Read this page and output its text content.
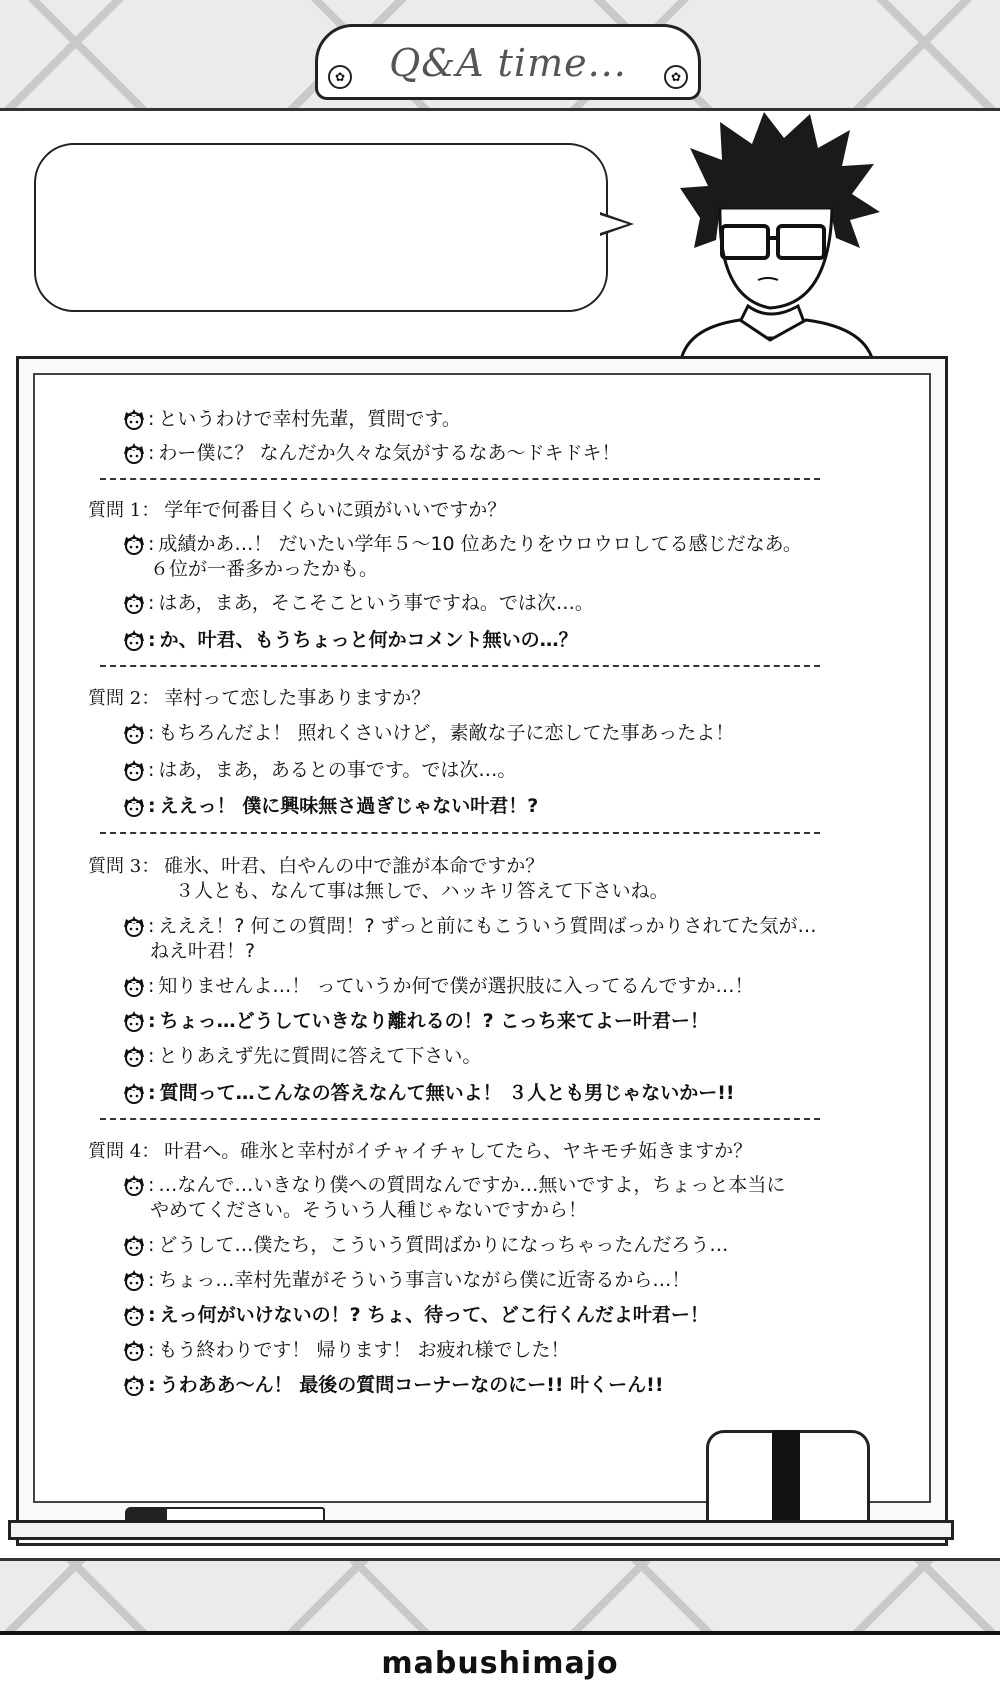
✿	Q&A time...	✿
: というわけで幸村先輩，質問です。
: わー僕に？ なんだか久々な気がするなあ～ドキドキ！
質問 1 ： 学年で何番目くらいに頭がいいですか？
: 成績かあ…！ だいたい学年５～10 位あたりをウロウロしてる感じだなあ。
６位が一番多かったかも。
: はあ，まあ，そこそこという事ですね。では次…。
: か、叶君、もうちょっと何かコメント無いの…？
質問 2 ： 幸村って恋した事ありますか？
: もちろんだよ！ 照れくさいけど，素敵な子に恋してた事あったよ！
: はあ，まあ，あるとの事です。では次…。
: ええっ！ 僕に興味無さ過ぎじゃない叶君！?
質問 3 ： 碓氷、叶君、白やんの中で誰が本命ですか？
３人とも、なんて事は無しで、ハッキリ答えて下さいね。
: えええ！? 何この質問！? ずっと前にもこういう質問ばっかりされてた気が…
ねえ叶君！?
: 知りませんよ…！ っていうか何で僕が選択肢に入ってるんですか…！
: ちょっ…どうしていきなり離れるの！? こっち来てよー叶君ー！
: とりあえず先に質問に答えて下さい。
: 質問って…こんなの答えなんて無いよ！ ３人とも男じゃないかー!!
質問 4 ： 叶君へ。碓氷と幸村がイチャイチャしてたら、ヤキモチ妬きますか？
: …なんで…いきなり僕への質問なんですか…無いですよ，ちょっと本当に
やめてください。そういう人種じゃないですから！
: どうして…僕たち，こういう質問ばかりになっちゃったんだろう…
: ちょっ…幸村先輩がそういう事言いながら僕に近寄るから…！
: えっ何がいけないの！? ちょ、待って、どこ行くんだよ叶君ー！
: もう終わりです！ 帰ります！ お疲れ様でした！
: うわああ～ん！ 最後の質問コーナーなのにー!! 叶くーん!!
mabushimajo
